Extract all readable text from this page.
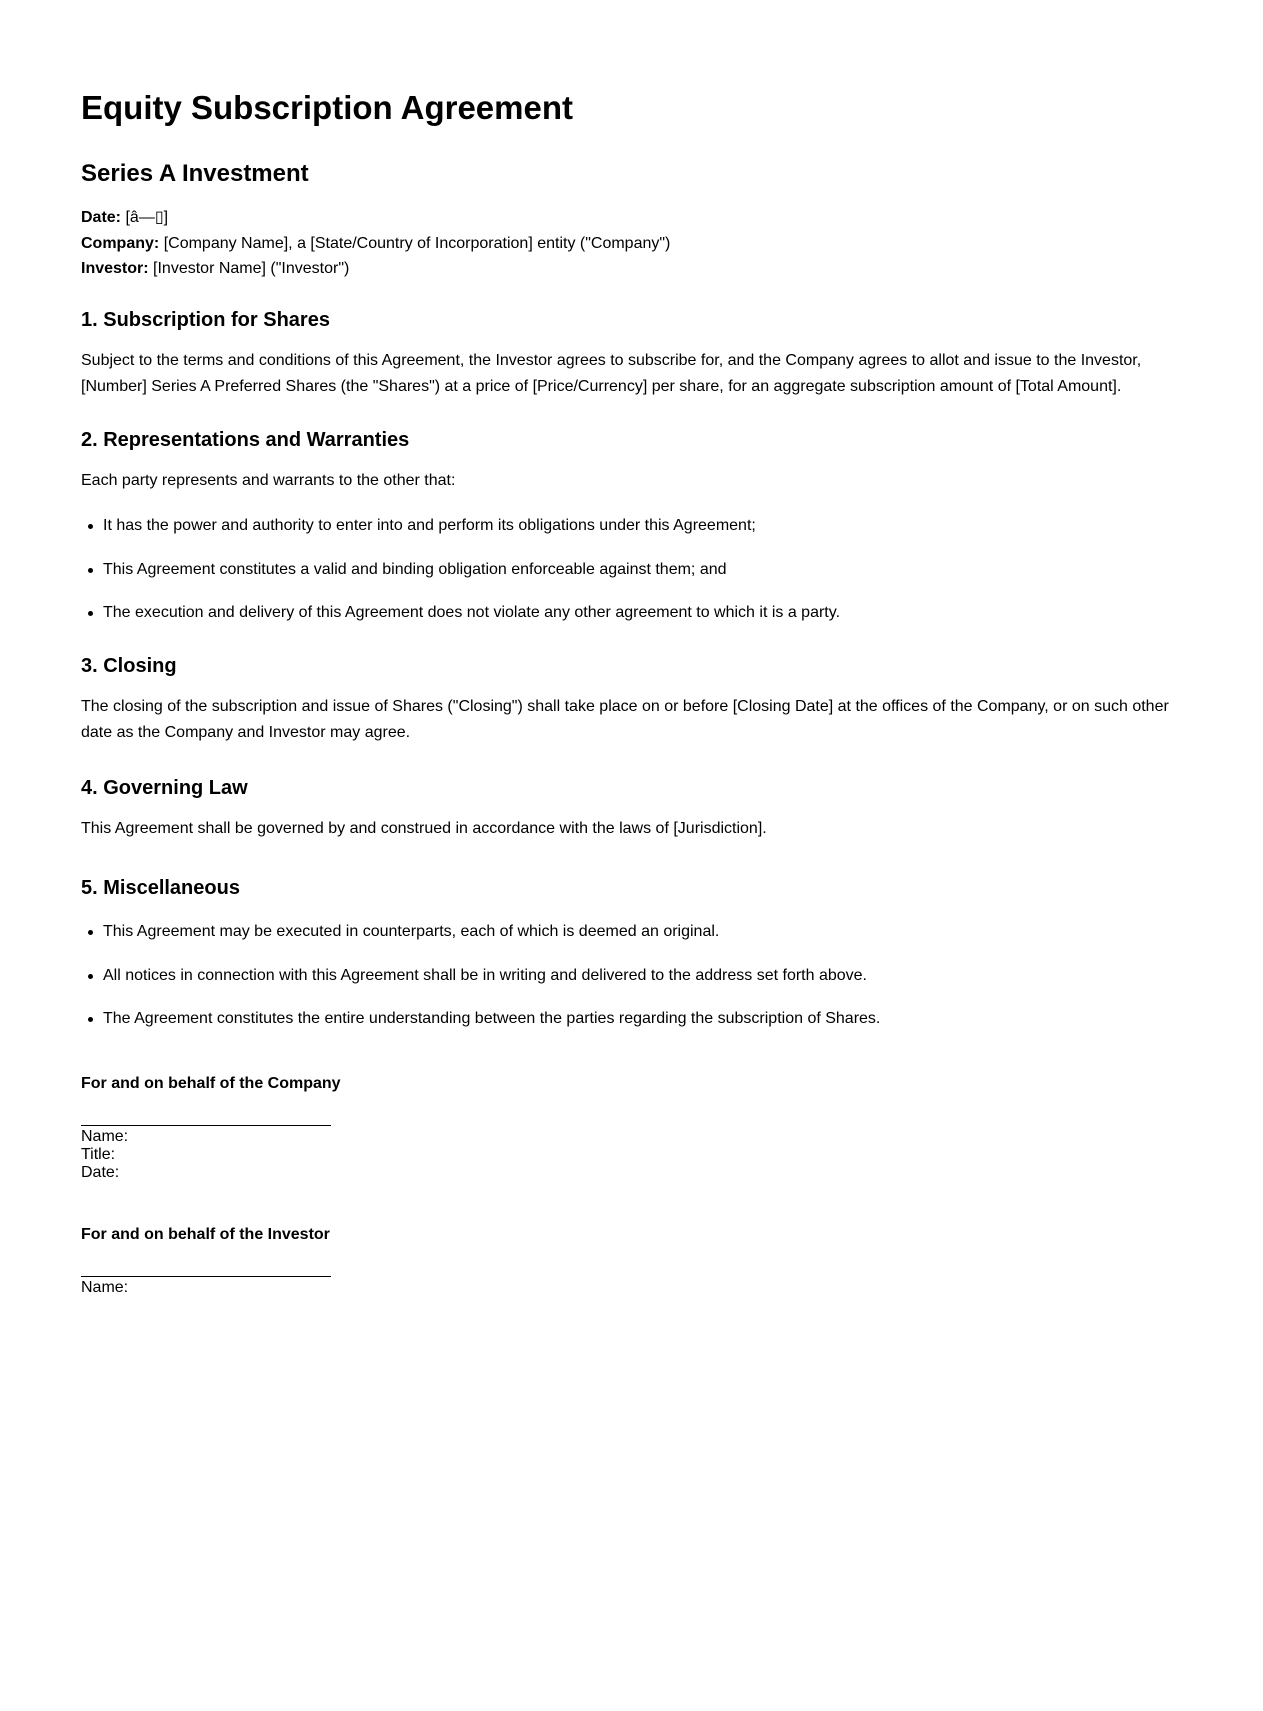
Equity Subscription Agreement
Series A Investment
Date: [â—▯]
Company: [Company Name], a [State/Country of Incorporation] entity ("Company")
Investor: [Investor Name] ("Investor")
1. Subscription for Shares

Subject to the terms and conditions of this Agreement, the Investor agrees to subscribe for, and the Company agrees to allot and issue to the Investor, [Number] Series A Preferred Shares (the "Shares") at a price of [Price/Currency] per share, for an aggregate subscription amount of [Total Amount].

2. Representations and Warranties

Each party represents and warrants to the other that:

It has the power and authority to enter into and perform its obligations under this Agreement;
This Agreement constitutes a valid and binding obligation enforceable against them; and
The execution and delivery of this Agreement does not violate any other agreement to which it is a party.
3. Closing

The closing of the subscription and issue of Shares ("Closing") shall take place on or before [Closing Date] at the offices of the Company, or on such other date as the Company and Investor may agree.

4. Governing Law

This Agreement shall be governed by and construed in accordance with the laws of [Jurisdiction].

5. Miscellaneous
This Agreement may be executed in counterparts, each of which is deemed an original.
All notices in connection with this Agreement shall be in writing and delivered to the address set forth above.
The Agreement constitutes the entire understanding between the parties regarding the subscription of Shares.
For and on behalf of the Company
Name:
Title:
Date:
For and on behalf of the Investor
Name:
